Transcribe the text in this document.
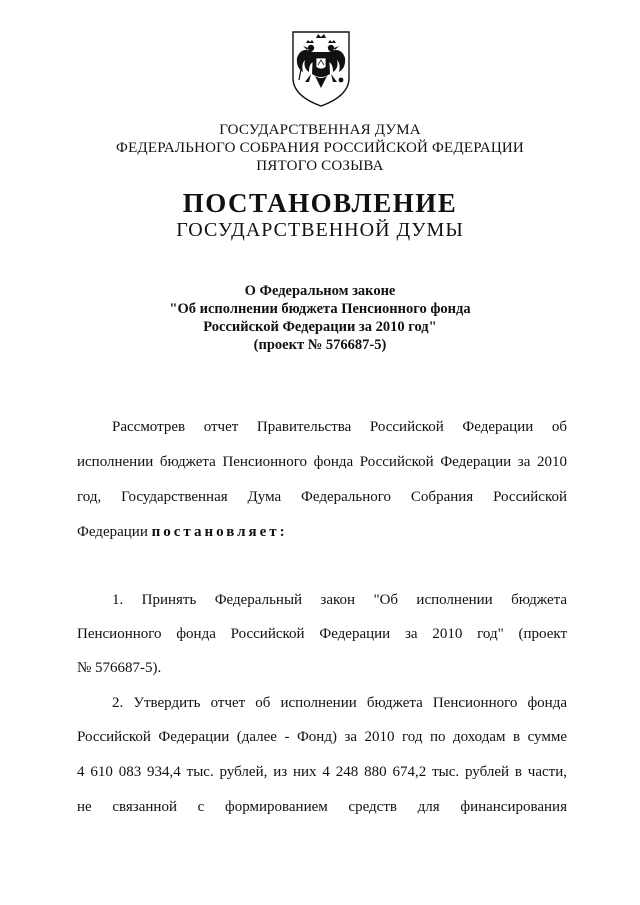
ГОСУДАРСТВЕННАЯ ДУМА
ФЕДЕРАЛЬНОГО СОБРАНИЯ РОССИЙСКОЙ ФЕДЕРАЦИИ
ПЯТОГО СОЗЫВА
ПОСТАНОВЛЕНИЕ
ГОСУДАРСТВЕННОЙ ДУМЫ
О Федеральном законе
"Об исполнении бюджета Пенсионного фонда
Российской Федерации за 2010 год"
(проект № 576687-5)
Рассмотрев отчет Правительства Российской Федерации об
исполнении бюджета Пенсионного фонда Российской Федерации за 2010
год, Государственная Дума Федерального Собрания Российской
Федерации постановляет:
1. Принять Федеральный закон "Об исполнении бюджета
Пенсионного фонда Российской Федерации за 2010 год" (проект
№ 576687-5).
2. Утвердить отчет об исполнении бюджета Пенсионного фонда
Российской Федерации (далее - Фонд) за 2010 год по доходам в сумме
4 610 083 934,4 тыс. рублей, из них 4 248 880 674,2 тыс. рублей в части,
не связанной с формированием средств для финансирования
